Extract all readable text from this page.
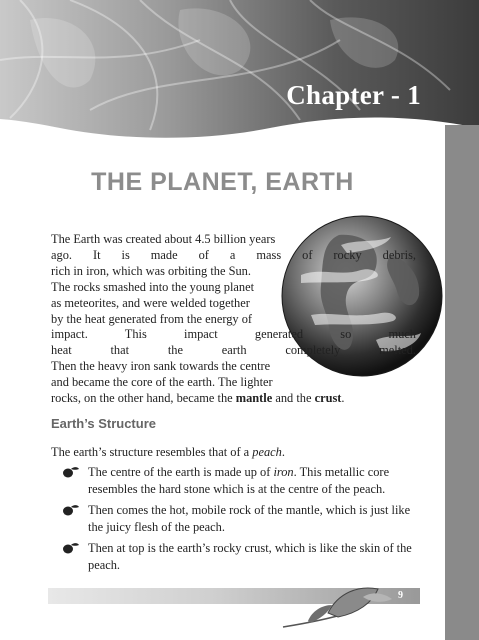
Chapter - 1
THE PLANET, EARTH
The Earth was created about 4.5 billion years
ago. It is made of a mass of rocky debris,
rich in iron, which was orbiting the Sun.
The rocks smashed into the young planet
as meteorites, and were welded together
by the heat generated from the energy of
impact. This impact generated so much
heat that the earth completely melted.
Then the heavy iron sank towards the centre
and became the core of the earth. The lighter
rocks, on the other hand, became the mantle and the crust.
Earth’s Structure
The earth’s structure resembles that of a peach.
The centre of the earth is made up of iron. This metallic core resembles the hard stone which is at the centre of the peach.
Then comes the hot, mobile rock of the mantle, which is just like the juicy flesh of the peach.
Then at top is the earth’s rocky crust, which is like the skin of the peach.
9
